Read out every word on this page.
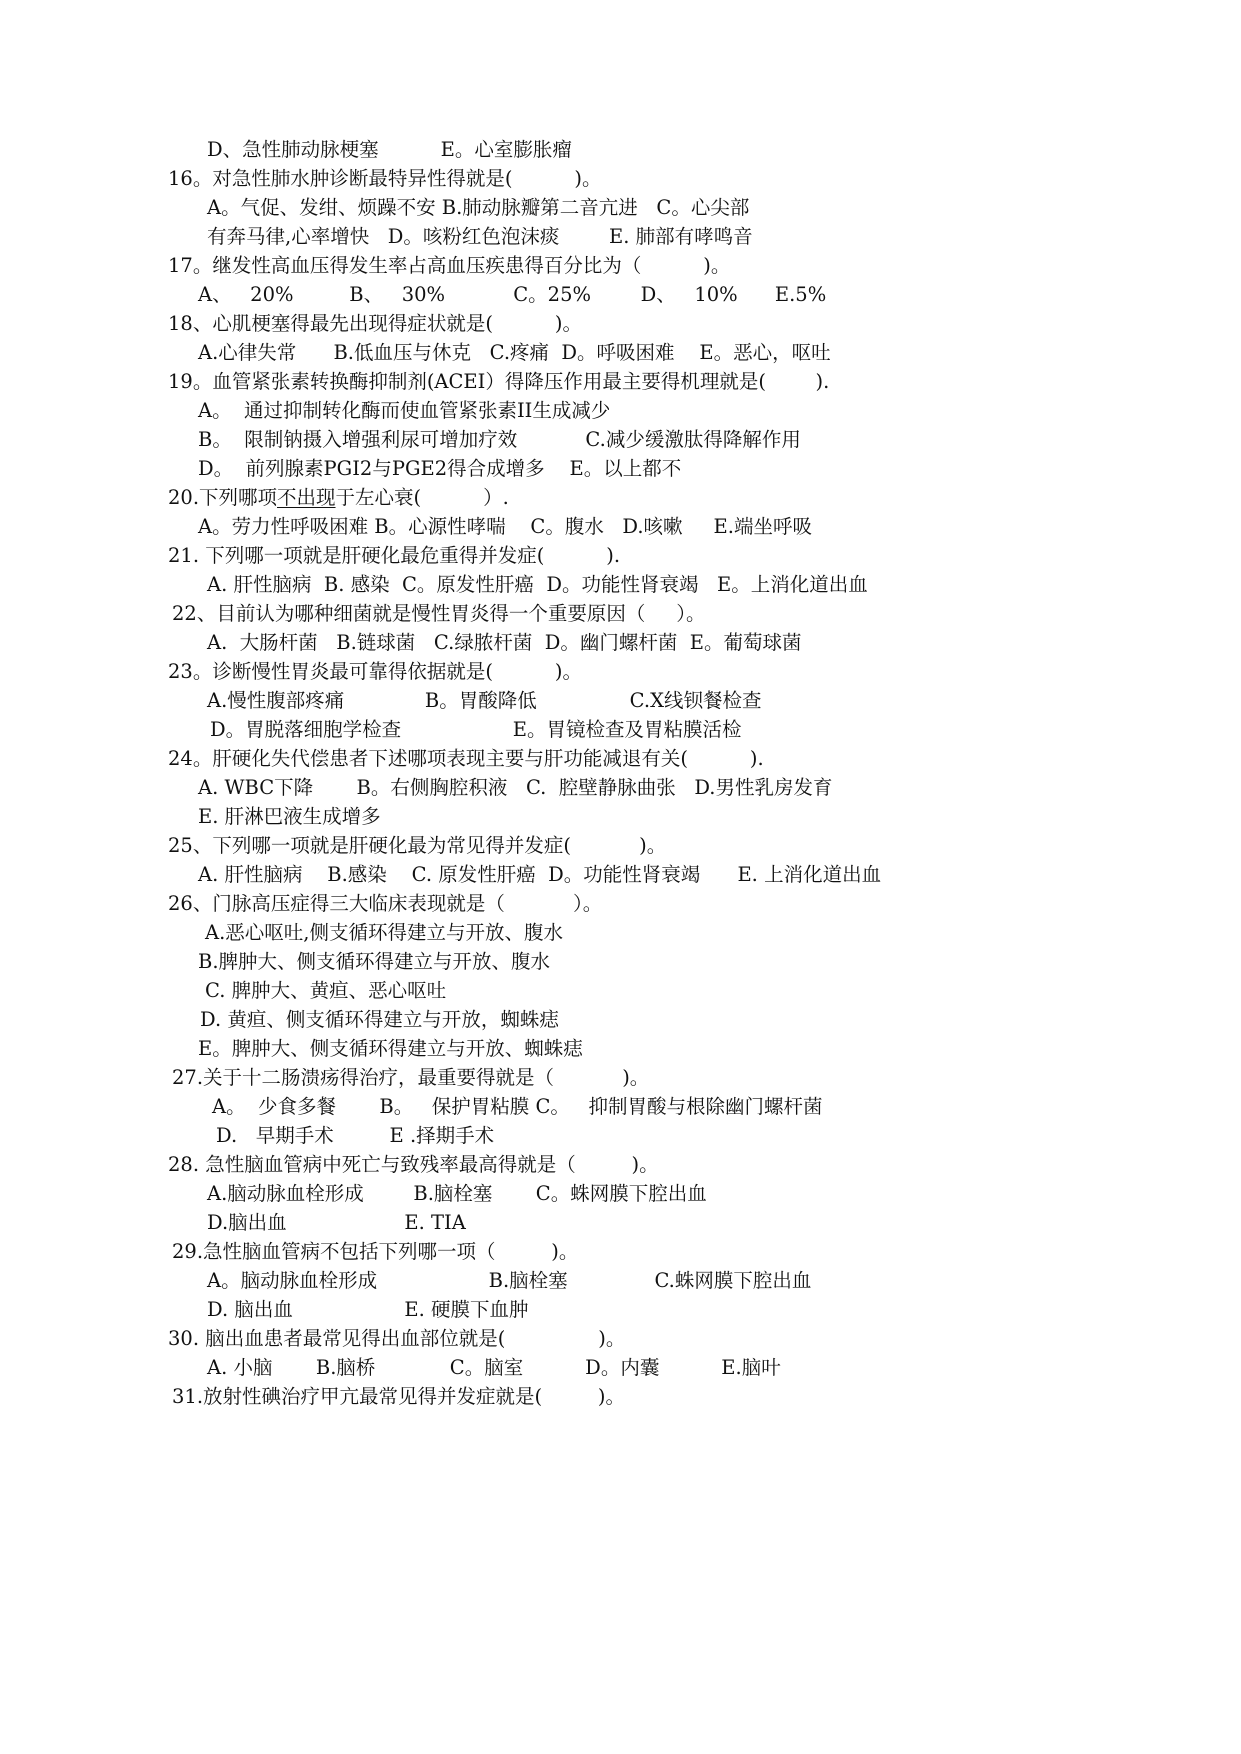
D、急性肺动脉梗塞          E。心室膨胀瘤
16。对急性肺水肿诊断最特异性得就是(          )。
A。气促、发绀、烦躁不安 B.肺动脉瓣第二音亢进   C。心尖部
有奔马律,心率增快   D。咳粉红色泡沫痰        E. 肺部有哮鸣音
17。继发性高血压得发生率占高血压疾患得百分比为（          )。
A、   20%         B、   30%           C。25%        D、   10%      E.5%
18、心肌梗塞得最先出现得症状就是(          )。
A.心律失常      B.低血压与休克   C.疼痛  D。呼吸困难    E。恶心，呕吐
19。血管紧张素转换酶抑制剂(ACEI）得降压作用最主要得机理就是(        ).
A。  通过抑制转化酶而使血管紧张素II生成减少
B。  限制钠摄入增强利尿可增加疗效           C.减少缓激肽得降解作用
D。  前列腺素PGI2与PGE2得合成增多    E。以上都不
20.下列哪项不出现于左心衰(          ）.
A。劳力性呼吸困难 B。心源性哮喘    C。腹水   D.咳嗽     E.端坐呼吸
21. 下列哪一项就是肝硬化最危重得并发症(          ).
A. 肝性脑病  B. 感染  C。原发性肝癌  D。功能性肾衰竭   E。上消化道出血
22、目前认为哪种细菌就是慢性胃炎得一个重要原因（     ）。
A.  大肠杆菌   B.链球菌   C.绿脓杆菌  D。幽门螺杆菌  E。葡萄球菌
23。诊断慢性胃炎最可靠得依据就是(          )。
A.慢性腹部疼痛             B。胃酸降低               C.X线钡餐检查
D。胃脱落细胞学检查                  E。胃镜检查及胃粘膜活检
24。肝硬化失代偿患者下述哪项表现主要与肝功能减退有关(          ).
A. WBC下降       B。右侧胸腔积液   C.  腔壁静脉曲张   D.男性乳房发育
E. 肝淋巴液生成增多
25、下列哪一项就是肝硬化最为常见得并发症(           )。
A. 肝性脑病    B.感染    C. 原发性肝癌  D。功能性肾衰竭      E. 上消化道出血
26、门脉高压症得三大临床表现就是（           ）。
A.恶心呕吐,侧支循环得建立与开放、腹水
B.脾肿大、侧支循环得建立与开放、腹水
C. 脾肿大、黄疸、恶心呕吐
D. 黄疸、侧支循环得建立与开放，蜘蛛痣
E。脾肿大、侧支循环得建立与开放、蜘蛛痣
27.关于十二肠溃疡得治疗，最重要得就是（           )。
A。  少食多餐       B。   保护胃粘膜 C。   抑制胃酸与根除幽门螺杆菌
D.   早期手术         E .择期手术
28. 急性脑血管病中死亡与致残率最高得就是（         )。
A.脑动脉血栓形成        B.脑栓塞       C。蛛网膜下腔出血
D.脑出血                   E. TIA
29.急性脑血管病不包括下列哪一项（         )。
A。脑动脉血栓形成                  B.脑栓塞              C.蛛网膜下腔出血
D. 脑出血                  E. 硬膜下血肿
30. 脑出血患者最常见得出血部位就是(               )。
A. 小脑       B.脑桥            C。脑室          D。内囊          E.脑叶
31.放射性碘治疗甲亢最常见得并发症就是(         )。
